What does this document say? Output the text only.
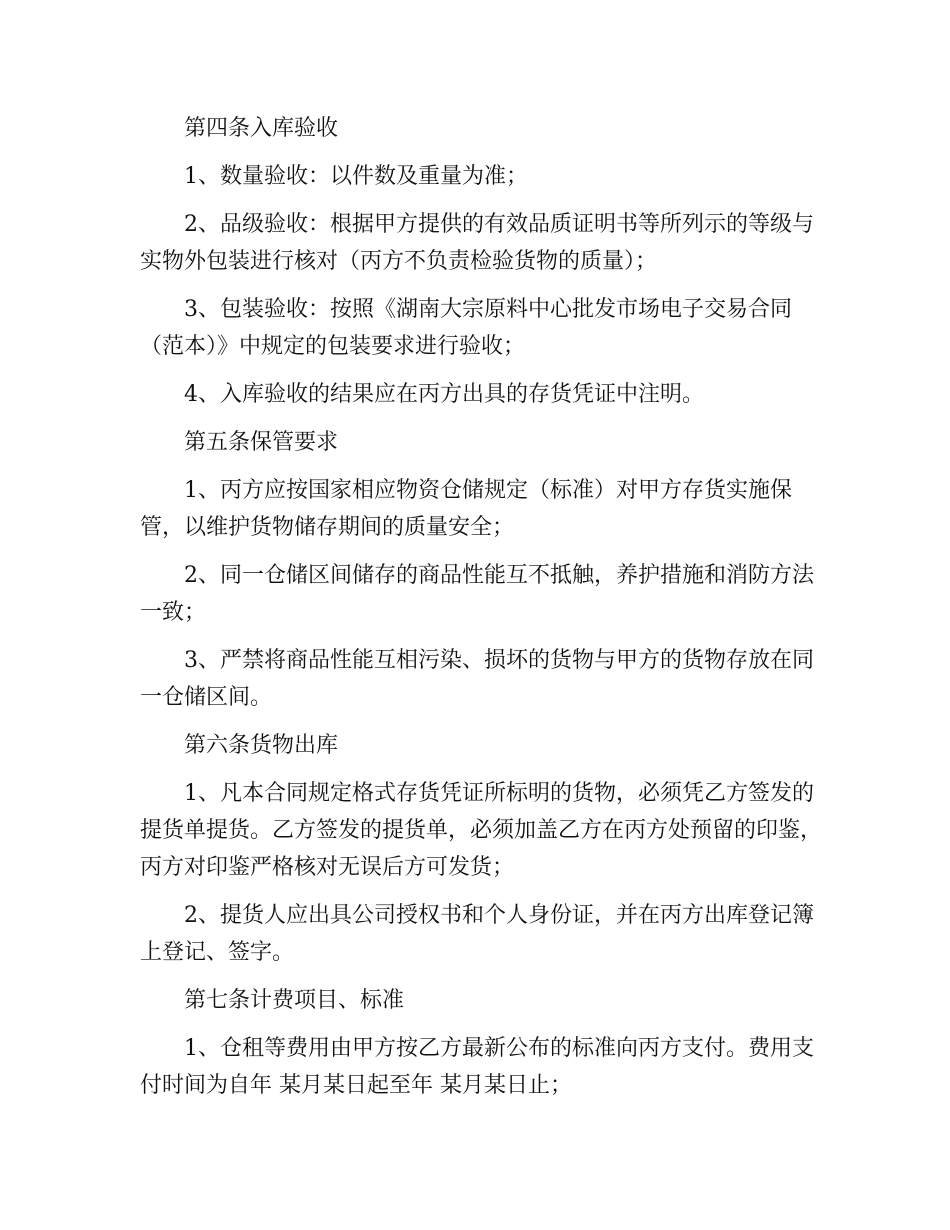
第四条入库验收

1、数量验收：以件数及重量为准；

2、品级验收：根据甲方提供的有效品质证明书等所列示的等级与实物外包装进行核对（丙方不负责检验货物的质量）；

3、包装验收：按照《湖南大宗原料中心批发市场电子交易合同（范本）》中规定的包装要求进行验收；

4、入库验收的结果应在丙方出具的存货凭证中注明。

第五条保管要求

1、丙方应按国家相应物资仓储规定（标准）对甲方存货实施保管，以维护货物储存期间的质量安全；

2、同一仓储区间储存的商品性能互不抵触，养护措施和消防方法一致；

3、严禁将商品性能互相污染、损坏的货物与甲方的货物存放在同一仓储区间。

第六条货物出库

1、凡本合同规定格式存货凭证所标明的货物，必须凭乙方签发的提货单提货。乙方签发的提货单，必须加盖乙方在丙方处预留的印鉴，丙方对印鉴严格核对无误后方可发货；

2、提货人应出具公司授权书和个人身份证，并在丙方出库登记簿上登记、签字。

第七条计费项目、标准

1、仓租等费用由甲方按乙方最新公布的标准向丙方支付。费用支付时间为自年 某月某日起至年 某月某日止；
